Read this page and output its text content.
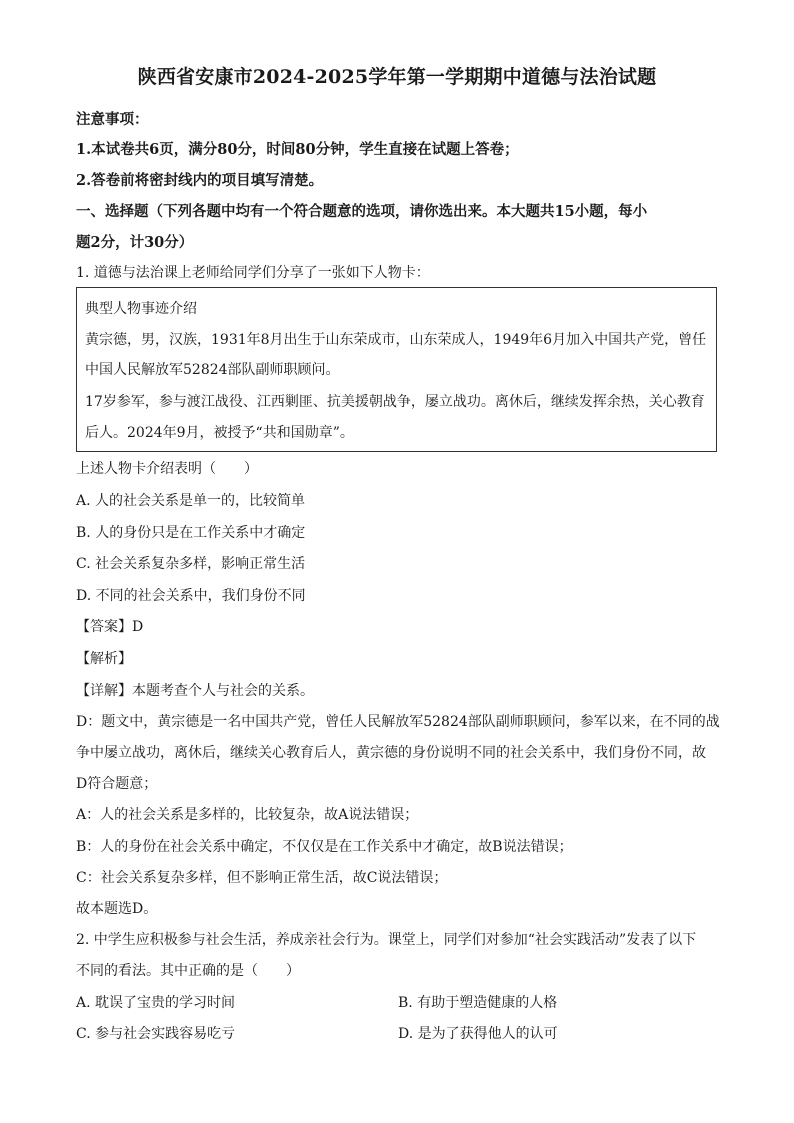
陕西省安康市2024-2025学年第一学期期中道德与法治试题
注意事项：
1.本试卷共6页，满分80分，时间80分钟，学生直接在试题上答卷；
2.答卷前将密封线内的项目填写清楚。
一、选择题（下列各题中均有一个符合题意的选项，请你选出来。本大题共15小题，每小
题2分，计30分）
1. 道德与法治课上老师给同学们分享了一张如下人物卡：
典型人物事迹介绍
黄宗德，男，汉族，1931年8月出生于山东荣成市，山东荣成人，1949年6月加入中国共产党，曾任
中国人民解放军52824部队副师职顾问。
17岁参军，参与渡江战役、江西剿匪、抗美援朝战争，屡立战功。离休后，继续发挥余热，关心教育
后人。2024年9月，被授予“共和国勋章”。
上述人物卡介绍表明（　　）
A. 人的社会关系是单一的，比较简单
B. 人的身份只是在工作关系中才确定
C. 社会关系复杂多样，影响正常生活
D. 不同的社会关系中，我们身份不同
【答案】D
【解析】
【详解】本题考查个人与社会的关系。
D：题文中，黄宗德是一名中国共产党，曾任人民解放军52824部队副师职顾问，参军以来，在不同的战
争中屡立战功，离休后，继续关心教育后人，黄宗德的身份说明不同的社会关系中，我们身份不同，故
D符合题意；
A：人的社会关系是多样的，比较复杂，故A说法错误；
B：人的身份在社会关系中确定，不仅仅是在工作关系中才确定，故B说法错误；
C：社会关系复杂多样，但不影响正常生活，故C说法错误；
故本题选D。
2. 中学生应积极参与社会生活，养成亲社会行为。课堂上，同学们对参加“社会实践活动”发表了以下
不同的看法。其中正确的是（　　）
A. 耽误了宝贵的学习时间	B. 有助于塑造健康的人格
C. 参与社会实践容易吃亏	D. 是为了获得他人的认可
